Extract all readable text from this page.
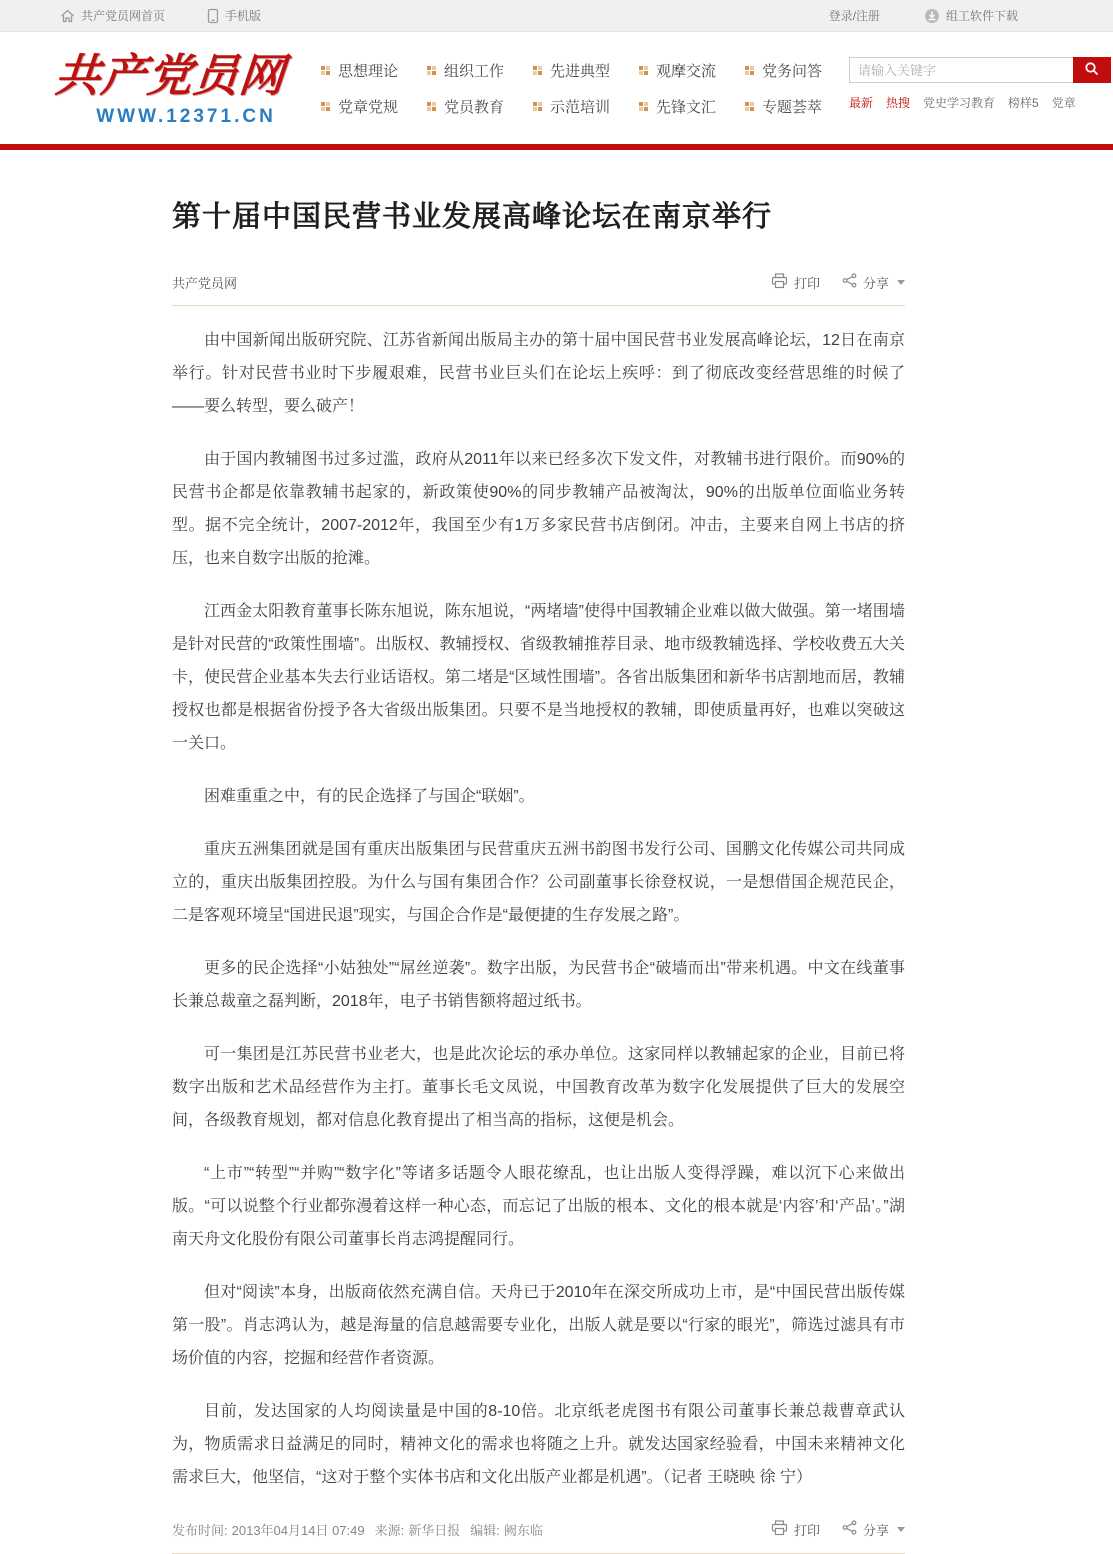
共产党员网首页	手机版	登录/注册	组工软件下载
共产党员网
WWW.12371.CN
思想理论	组织工作	先进典型	观摩交流	党务问答
党章党规	党员教育	示范培训	先锋文汇	专题荟萃
请输入关键字 最新 热搜 党史学习教育 榜样5 党章
第十届中国民营书业发展高峰论坛在南京举行
共产党员网	打印	分享

由中国新闻出版研究院、江苏省新闻出版局主办的第十届中国民营书业发展高峰论坛，12日在南京举行。针对民营书业时下步履艰难，民营书业巨头们在论坛上疾呼：到了彻底改变经营思维的时候了——要么转型，要么破产！

由于国内教辅图书过多过滥，政府从2011年以来已经多次下发文件，对教辅书进行限价。而90%的民营书企都是依靠教辅书起家的，新政策使90%的同步教辅产品被淘汰，90%的出版单位面临业务转型。据不完全统计，2007-2012年，我国至少有1万多家民营书店倒闭。冲击，主要来自网上书店的挤压，也来自数字出版的抢滩。

江西金太阳教育董事长陈东旭说，陈东旭说，“两堵墙”使得中国教辅企业难以做大做强。第一堵围墙是针对民营的“政策性围墙”。出版权、教辅授权、省级教辅推荐目录、地市级教辅选择、学校收费五大关卡，使民营企业基本失去行业话语权。第二堵是“区域性围墙”。各省出版集团和新华书店割地而居，教辅授权也都是根据省份授予各大省级出版集团。只要不是当地授权的教辅，即使质量再好，也难以突破这一关口。

困难重重之中，有的民企选择了与国企“联姻”。

重庆五洲集团就是国有重庆出版集团与民营重庆五洲书韵图书发行公司、国鹏文化传媒公司共同成立的，重庆出版集团控股。为什么与国有集团合作？公司副董事长徐登权说，一是想借国企规范民企，二是客观环境呈“国进民退”现实，与国企合作是“最便捷的生存发展之路”。

更多的民企选择“小姑独处”“屌丝逆袭”。数字出版，为民营书企“破墙而出”带来机遇。中文在线董事长兼总裁童之磊判断，2018年，电子书销售额将超过纸书。

可一集团是江苏民营书业老大，也是此次论坛的承办单位。这家同样以教辅起家的企业，目前已将数字出版和艺术品经营作为主打。董事长毛文凤说，中国教育改革为数字化发展提供了巨大的发展空间，各级教育规划，都对信息化教育提出了相当高的指标，这便是机会。

“上市”“转型”“并购”“数字化”等诸多话题令人眼花缭乱，也让出版人变得浮躁，难以沉下心来做出版。“可以说整个行业都弥漫着这样一种心态，而忘记了出版的根本、文化的根本就是‘内容’和‘产品’。”湖南天舟文化股份有限公司董事长肖志鸿提醒同行。

但对“阅读”本身，出版商依然充满自信。天舟已于2010年在深交所成功上市，是“中国民营出版传媒第一股”。肖志鸿认为，越是海量的信息越需要专业化，出版人就是要以“行家的眼光”，筛选过滤具有市场价值的内容，挖掘和经营作者资源。

目前，发达国家的人均阅读量是中国的8-10倍。北京纸老虎图书有限公司董事长兼总裁曹章武认为，物质需求日益满足的同时，精神文化的需求也将随之上升。就发达国家经验看，中国未来精神文化需求巨大，他坚信，“这对于整个实体书店和文化出版产业都是机遇”。（记者 王晓映 徐 宁）

发布时间: 2013年04月14日 07:49 来源: 新华日报 编辑: 阙东临	打印	分享
